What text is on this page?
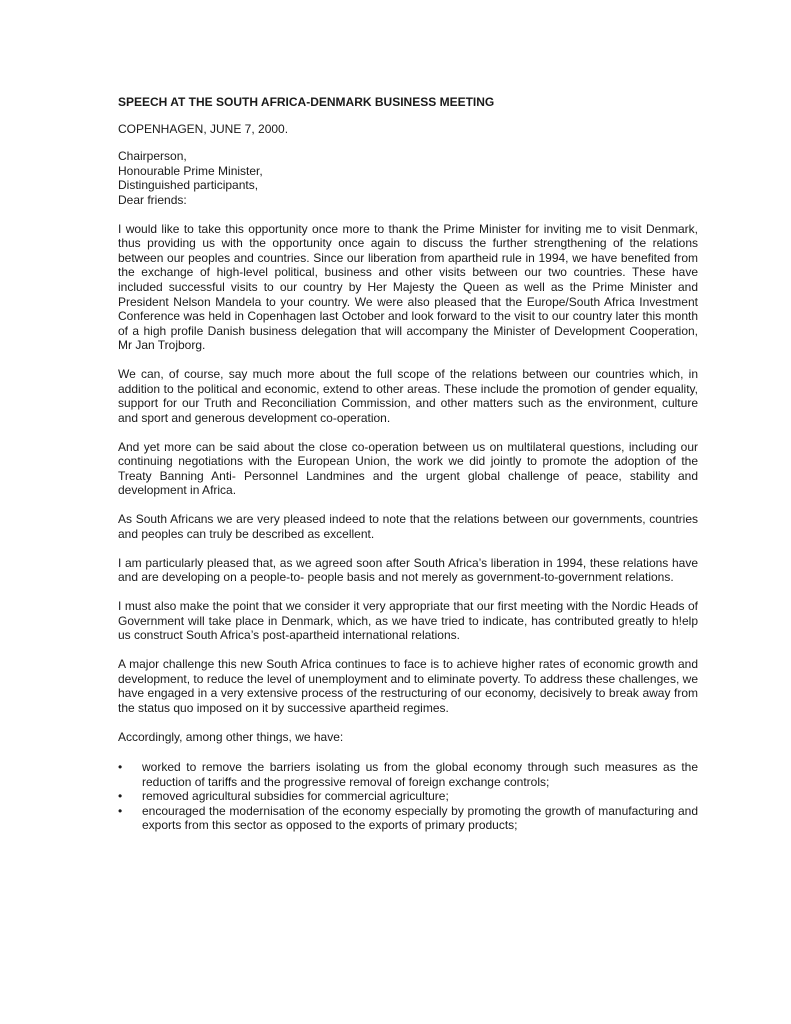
SPEECH AT THE SOUTH AFRICA-DENMARK BUSINESS MEETING
COPENHAGEN, JUNE 7, 2000.
Chairperson,
Honourable Prime Minister,
Distinguished participants,
Dear friends:

I would like to take this opportunity once more to thank the Prime Minister for inviting me to visit Denmark, thus providing us with the opportunity once again to discuss the further strengthening of the relations between our peoples and countries. Since our liberation from apartheid rule in 1994, we have benefited from the exchange of high-level political, business and other visits between our two countries. These have included successful visits to our country by Her Majesty the Queen as well as the Prime Minister and President Nelson Mandela to your country. We were also pleased that the Europe/South Africa Investment Conference was held in Copenhagen last October and look forward to the visit to our country later this month of a high profile Danish business delegation that will accompany the Minister of Development Cooperation, Mr Jan Trojborg.

We can, of course, say much more about the full scope of the relations between our countries which, in addition to the political and economic, extend to other areas. These include the promotion of gender equality, support for our Truth and Reconciliation Commission, and other matters such as the environment, culture and sport and generous development co-operation.

And yet more can be said about the close co-operation between us on multilateral questions, including our continuing negotiations with the European Union, the work we did jointly to promote the adoption of the Treaty Banning Anti- Personnel Landmines and the urgent global challenge of peace, stability and development in Africa.

As South Africans we are very pleased indeed to note that the relations between our governments, countries and peoples can truly be described as excellent.

I am particularly pleased that, as we agreed soon after South Africa’s liberation in 1994, these relations have and are developing on a people-to- people basis and not merely as government-to-government relations.

I must also make the point that we consider it very appropriate that our first meeting with the Nordic Heads of Government will take place in Denmark, which, as we have tried to indicate, has contributed greatly to h!elp us construct South Africa’s post-apartheid international relations.

A major challenge this new South Africa continues to face is to achieve higher rates of economic growth and development, to reduce the level of unemployment and to eliminate poverty. To address these challenges, we have engaged in a very extensive process of the restructuring of our economy, decisively to break away from the status quo imposed on it by successive apartheid regimes.

Accordingly, among other things, we have:

• worked to remove the barriers isolating us from the global economy through such measures as the reduction of tariffs and the progressive removal of foreign exchange controls;
• removed agricultural subsidies for commercial agriculture;
• encouraged the modernisation of the economy especially by promoting the growth of manufacturing and exports from this sector as opposed to the exports of primary products;
